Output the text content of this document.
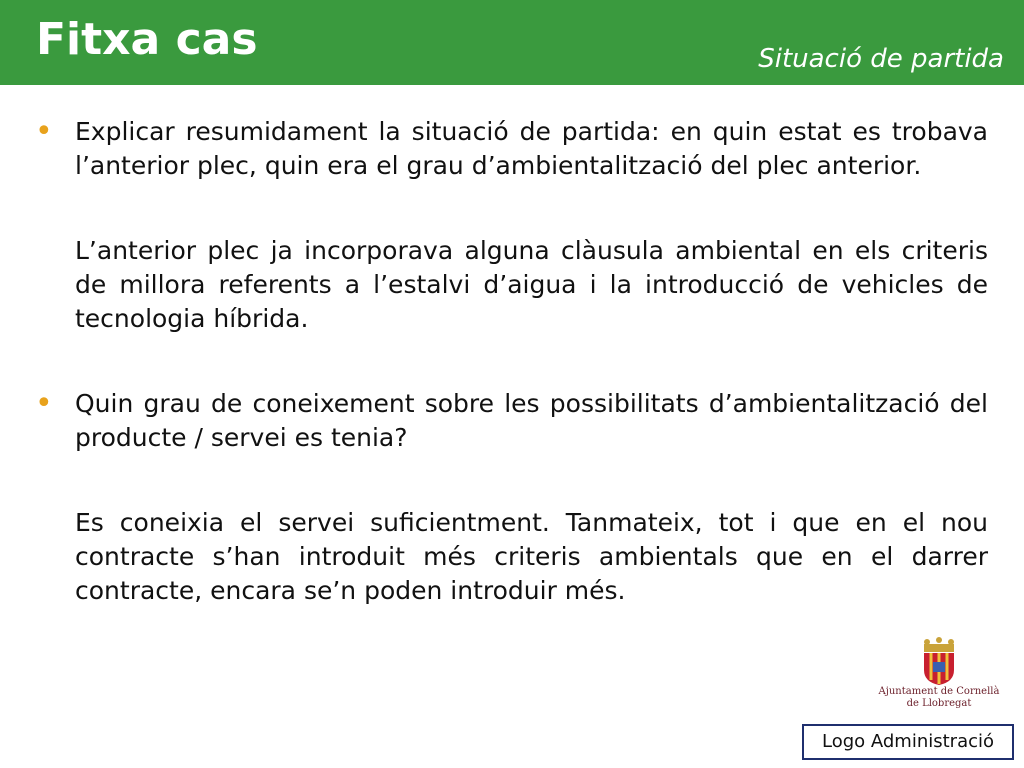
Fitxa cas	Situació de partida
• Explicar resumidament la situació de partida: en quin estat es trobava l’anterior plec, quin era el grau d’ambientalització del plec anterior.

L’anterior plec ja incorporava alguna clàusula ambiental en els criteris de millora referents a l’estalvi d’aigua i la introducció de vehicles de tecnologia híbrida.

• Quin grau de coneixement sobre les possibilitats d’ambientalització del producte / servei es tenia?

Es coneixia el servei suficientment. Tanmateix, tot i que en el nou contracte s’han introduit més criteris ambientals que en el darrer contracte, encara se’n poden introduir més.

Ajuntament de Cornellà
de Llobregat
Logo Administració
